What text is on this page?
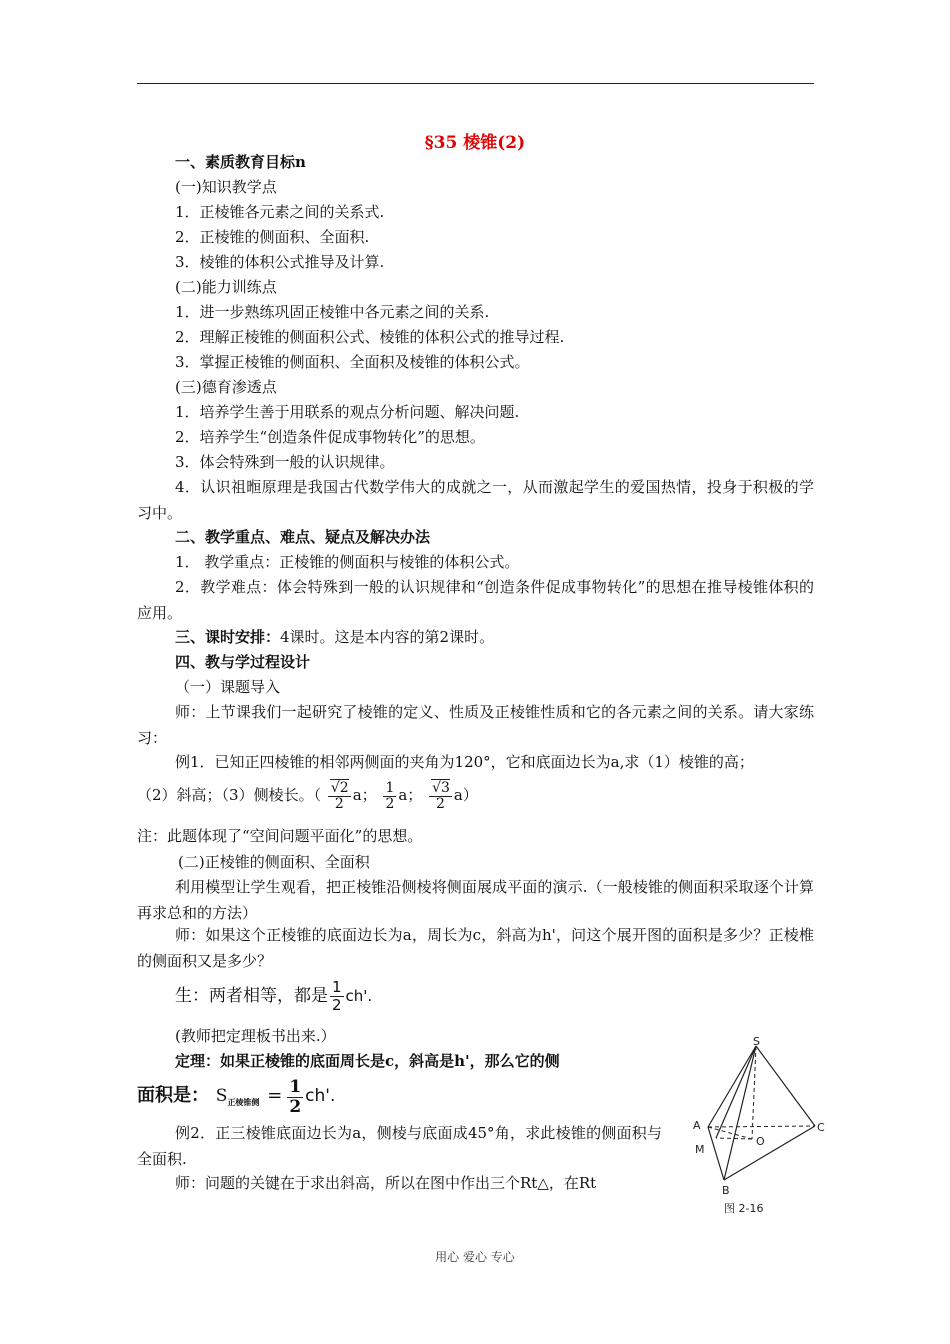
§35 棱锥(2)
一、素质教育目标n
(一)知识教学点
1．正棱锥各元素之间的关系式.
2．正棱锥的侧面积、全面积.
3．棱锥的体积公式推导及计算.
(二)能力训练点
1．进一步熟练巩固正棱锥中各元素之间的关系.
2．理解正棱锥的侧面积公式、棱锥的体积公式的推导过程.
3．掌握正棱锥的侧面积、全面积及棱锥的体积公式。
(三)德育渗透点
1．培养学生善于用联系的观点分析问题、解决问题.
2．培养学生“创造条件促成事物转化”的思想。
3．体会特殊到一般的认识规律。
4．认识祖暅原理是我国古代数学伟大的成就之一，从而激起学生的爱国热情，投身于积极的学习中。
二、教学重点、难点、疑点及解决办法
1． 教学重点：正棱锥的侧面积与棱锥的体积公式。
2．教学难点：体会特殊到一般的认识规律和“创造条件促成事物转化”的思想在推导棱锥体积的应用。
三、课时安排：4课时。这是本内容的第2课时。
四、教与学过程设计
（一）课题导入
师：上节课我们一起研究了棱锥的定义、性质及正棱锥性质和它的各元素之间的关系。请大家练习：
例1．已知正四棱锥的相邻两侧面的夹角为120°，它和底面边长为a,求（1）棱锥的高；
（2）斜高；（3）侧棱长。（ $\frac{√2}{2}$ a； $\frac{1}{2}$ a； $\frac{√3}{2} a$）
注：此题体现了“空间问题平面化”的思想。
(二)正棱锥的侧面积、全面积
利用模型让学生观看，把正棱锥沿侧棱将侧面展成平面的演示.（一般棱锥的侧面积采取逐个计算再求总和的方法）
师：如果这个正棱锥的底面边长为a，周长为c，斜高为h'，问这个展开图的面积是多少？正棱椎的侧面积又是多少？
生：两者相等，都是 $\frac{1}{2} ch'$.
(教师把定理板书出来.）
定理：如果正棱锥的底面周长是c，斜高是h'，那么它的侧
面积是： $S_{正棱锥侧} = \frac{1}{2} ch'$.
例2．正三棱锥底面边长为a，侧棱与底面成45°角，求此棱锥的侧面积与全面积.
师：问题的关键在于求出斜高，所以在图中作出三个Rt△，在Rt
S
A	C
O
M
B
图 2-16
用心 爱心 专心
